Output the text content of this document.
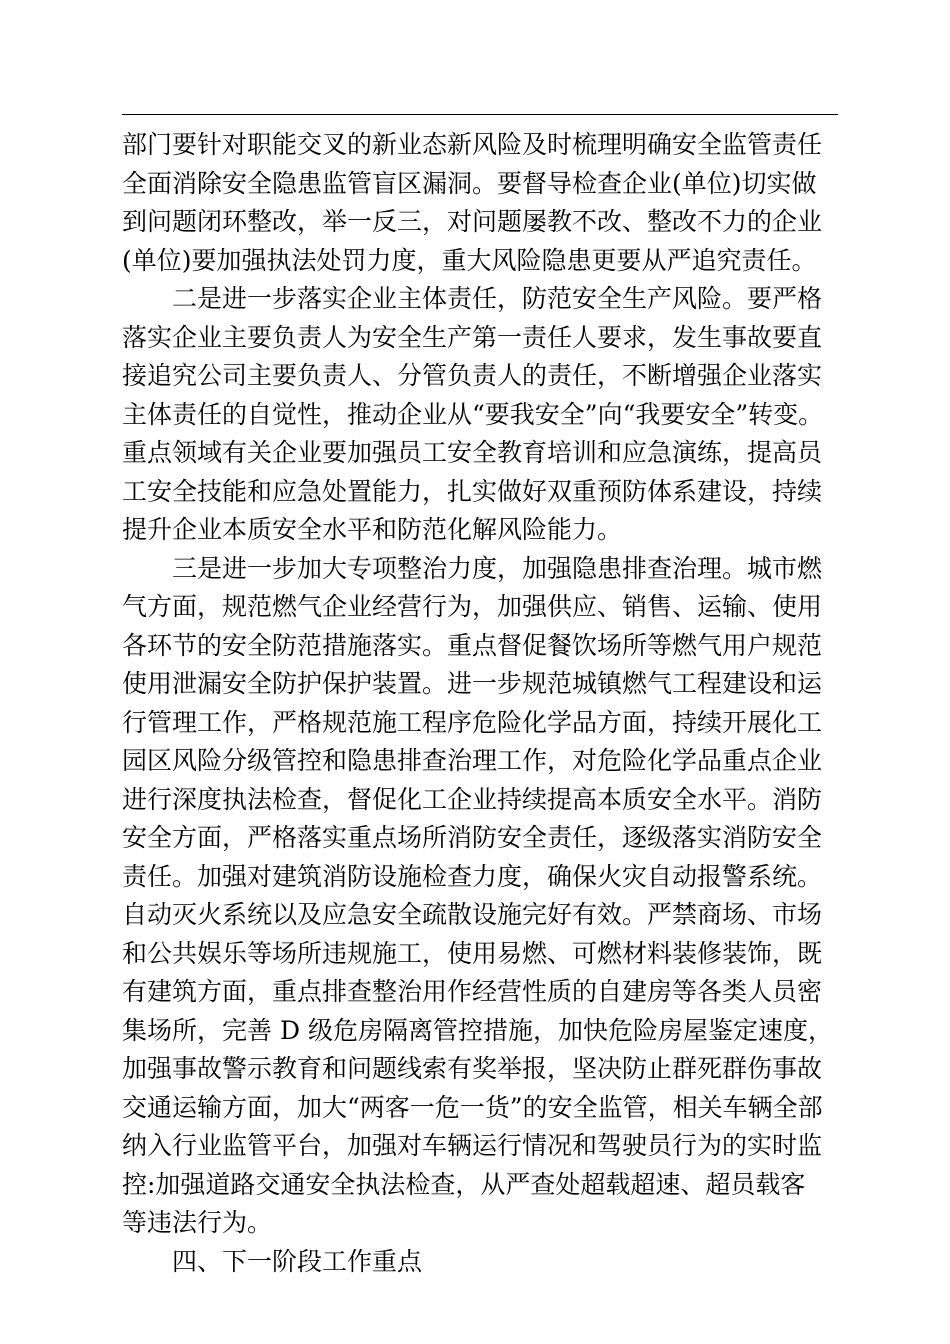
部门要针对职能交叉的新业态新风险及时梳理明确安全监管责任
全面消除安全隐患监管盲区漏洞。要督导检查企业(单位)切实做
到问题闭环整改，举一反三，对问题屡教不改、整改不力的企业
(单位)要加强执法处罚力度，重大风险隐患更要从严追究责任。
二是进一步落实企业主体责任，防范安全生产风险。要严格
落实企业主要负责人为安全生产第一责任人要求，发生事故要直
接追究公司主要负责人、分管负责人的责任，不断增强企业落实
主体责任的自觉性，推动企业从“要我安全”向“我要安全”转变。
重点领域有关企业要加强员工安全教育培训和应急演练，提高员
工安全技能和应急处置能力，扎实做好双重预防体系建设，持续
提升企业本质安全水平和防范化解风险能力。
三是进一步加大专项整治力度，加强隐患排查治理。城市燃
气方面，规范燃气企业经营行为，加强供应、销售、运输、使用
各环节的安全防范措施落实。重点督促餐饮场所等燃气用户规范
使用泄漏安全防护保护装置。进一步规范城镇燃气工程建设和运
行管理工作，严格规范施工程序危险化学品方面，持续开展化工
园区风险分级管控和隐患排查治理工作，对危险化学品重点企业
进行深度执法检查，督促化工企业持续提高本质安全水平。消防
安全方面，严格落实重点场所消防安全责任，逐级落实消防安全
责任。加强对建筑消防设施检查力度，确保火灾自动报警系统。
自动灭火系统以及应急安全疏散设施完好有效。严禁商场、市场
和公共娱乐等场所违规施工，使用易燃、可燃材料装修装饰，既
有建筑方面，重点排查整治用作经营性质的自建房等各类人员密
集场所，完善 D 级危房隔离管控措施，加快危险房屋鉴定速度，
加强事故警示教育和问题线索有奖举报，坚决防止群死群伤事故
交通运输方面，加大“两客一危一货”的安全监管，相关车辆全部
纳入行业监管平台，加强对车辆运行情况和驾驶员行为的实时监
控:加强道路交通安全执法检查，从严查处超载超速、超员载客
等违法行为。
四、下一阶段工作重点
